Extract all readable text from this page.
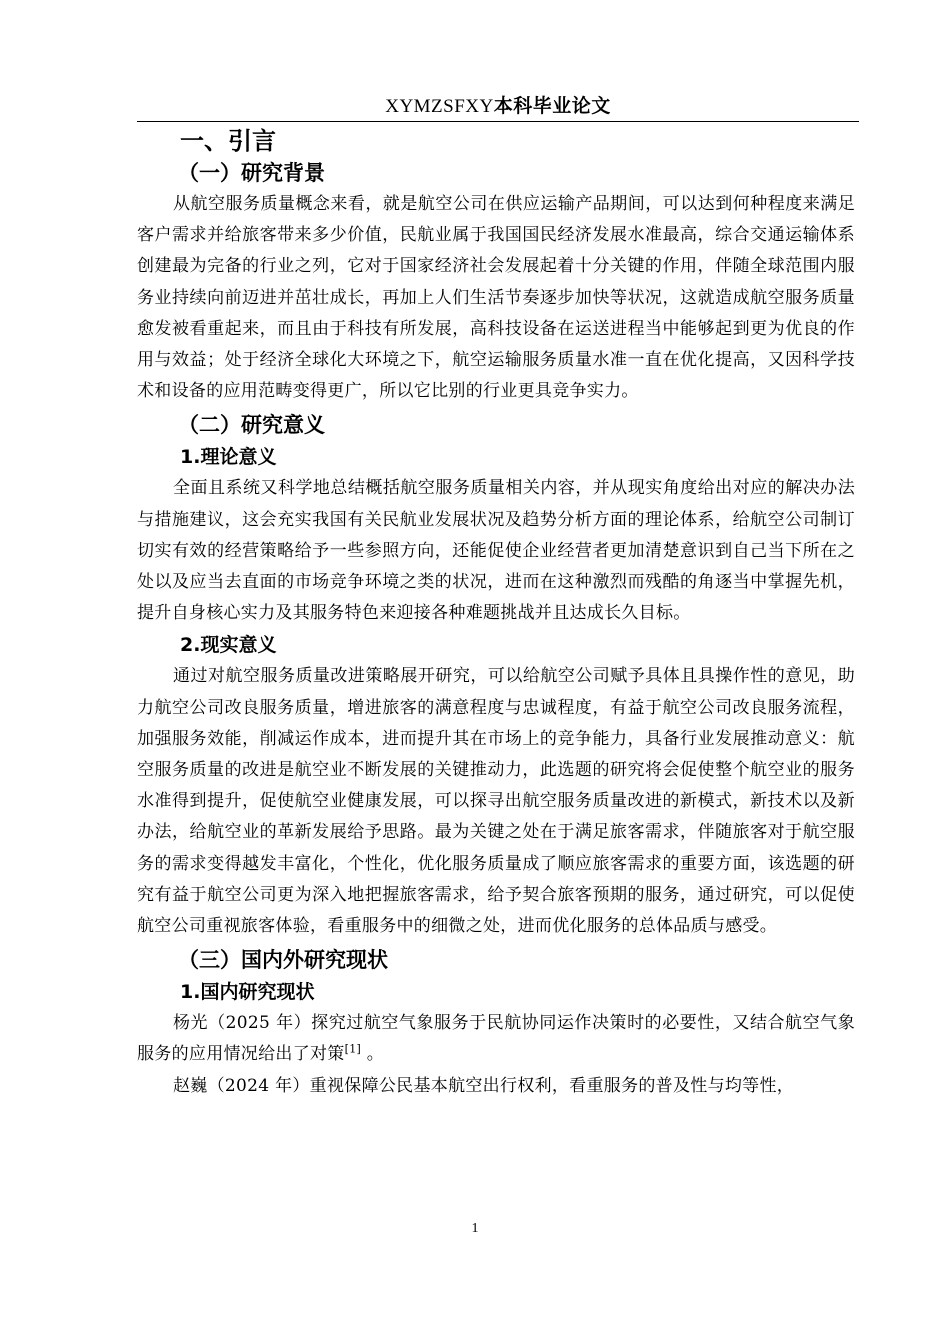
XYMZSFXY本科毕业论文
一、引言
（一）研究背景

从航空服务质量概念来看，就是航空公司在供应运输产品期间，可以达到何种程度来满足客户需求并给旅客带来多少价值，民航业属于我国国民经济发展水准最高，综合交通运输体系创建最为完备的行业之列，它对于国家经济社会发展起着十分关键的作用，伴随全球范围内服务业持续向前迈进并茁壮成长，再加上人们生活节奏逐步加快等状况，这就造成航空服务质量愈发被看重起来，而且由于科技有所发展，高科技设备在运送进程当中能够起到更为优良的作用与效益；处于经济全球化大环境之下，航空运输服务质量水准一直在优化提高，又因科学技术和设备的应用范畴变得更广，所以它比别的行业更具竞争实力。

（二）研究意义
1.理论意义

全面且系统又科学地总结概括航空服务质量相关内容，并从现实角度给出对应的解决办法与措施建议，这会充实我国有关民航业发展状况及趋势分析方面的理论体系，给航空公司制订切实有效的经营策略给予一些参照方向，还能促使企业经营者更加清楚意识到自己当下所在之处以及应当去直面的市场竞争环境之类的状况，进而在这种激烈而残酷的角逐当中掌握先机，提升自身核心实力及其服务特色来迎接各种难题挑战并且达成长久目标。

2.现实意义

通过对航空服务质量改进策略展开研究，可以给航空公司赋予具体且具操作性的意见，助力航空公司改良服务质量，增进旅客的满意程度与忠诚程度，有益于航空公司改良服务流程，加强服务效能，削减运作成本，进而提升其在市场上的竞争能力，具备行业发展推动意义：航空服务质量的改进是航空业不断发展的关键推动力，此选题的研究将会促使整个航空业的服务水准得到提升，促使航空业健康发展，可以探寻出航空服务质量改进的新模式，新技术以及新办法，给航空业的革新发展给予思路。最为关键之处在于满足旅客需求，伴随旅客对于航空服务的需求变得越发丰富化，个性化，优化服务质量成了顺应旅客需求的重要方面，该选题的研究有益于航空公司更为深入地把握旅客需求，给予契合旅客预期的服务，通过研究，可以促使航空公司重视旅客体验，看重服务中的细微之处，进而优化服务的总体品质与感受。

（三）国内外研究现状
1.国内研究现状

杨光（2025 年）探究过航空气象服务于民航协同运作决策时的必要性，又结合航空气象服务的应用情况给出了对策[1] 。

赵巍（2024 年）重视保障公民基本航空出行权利，看重服务的普及性与均等性，

1
